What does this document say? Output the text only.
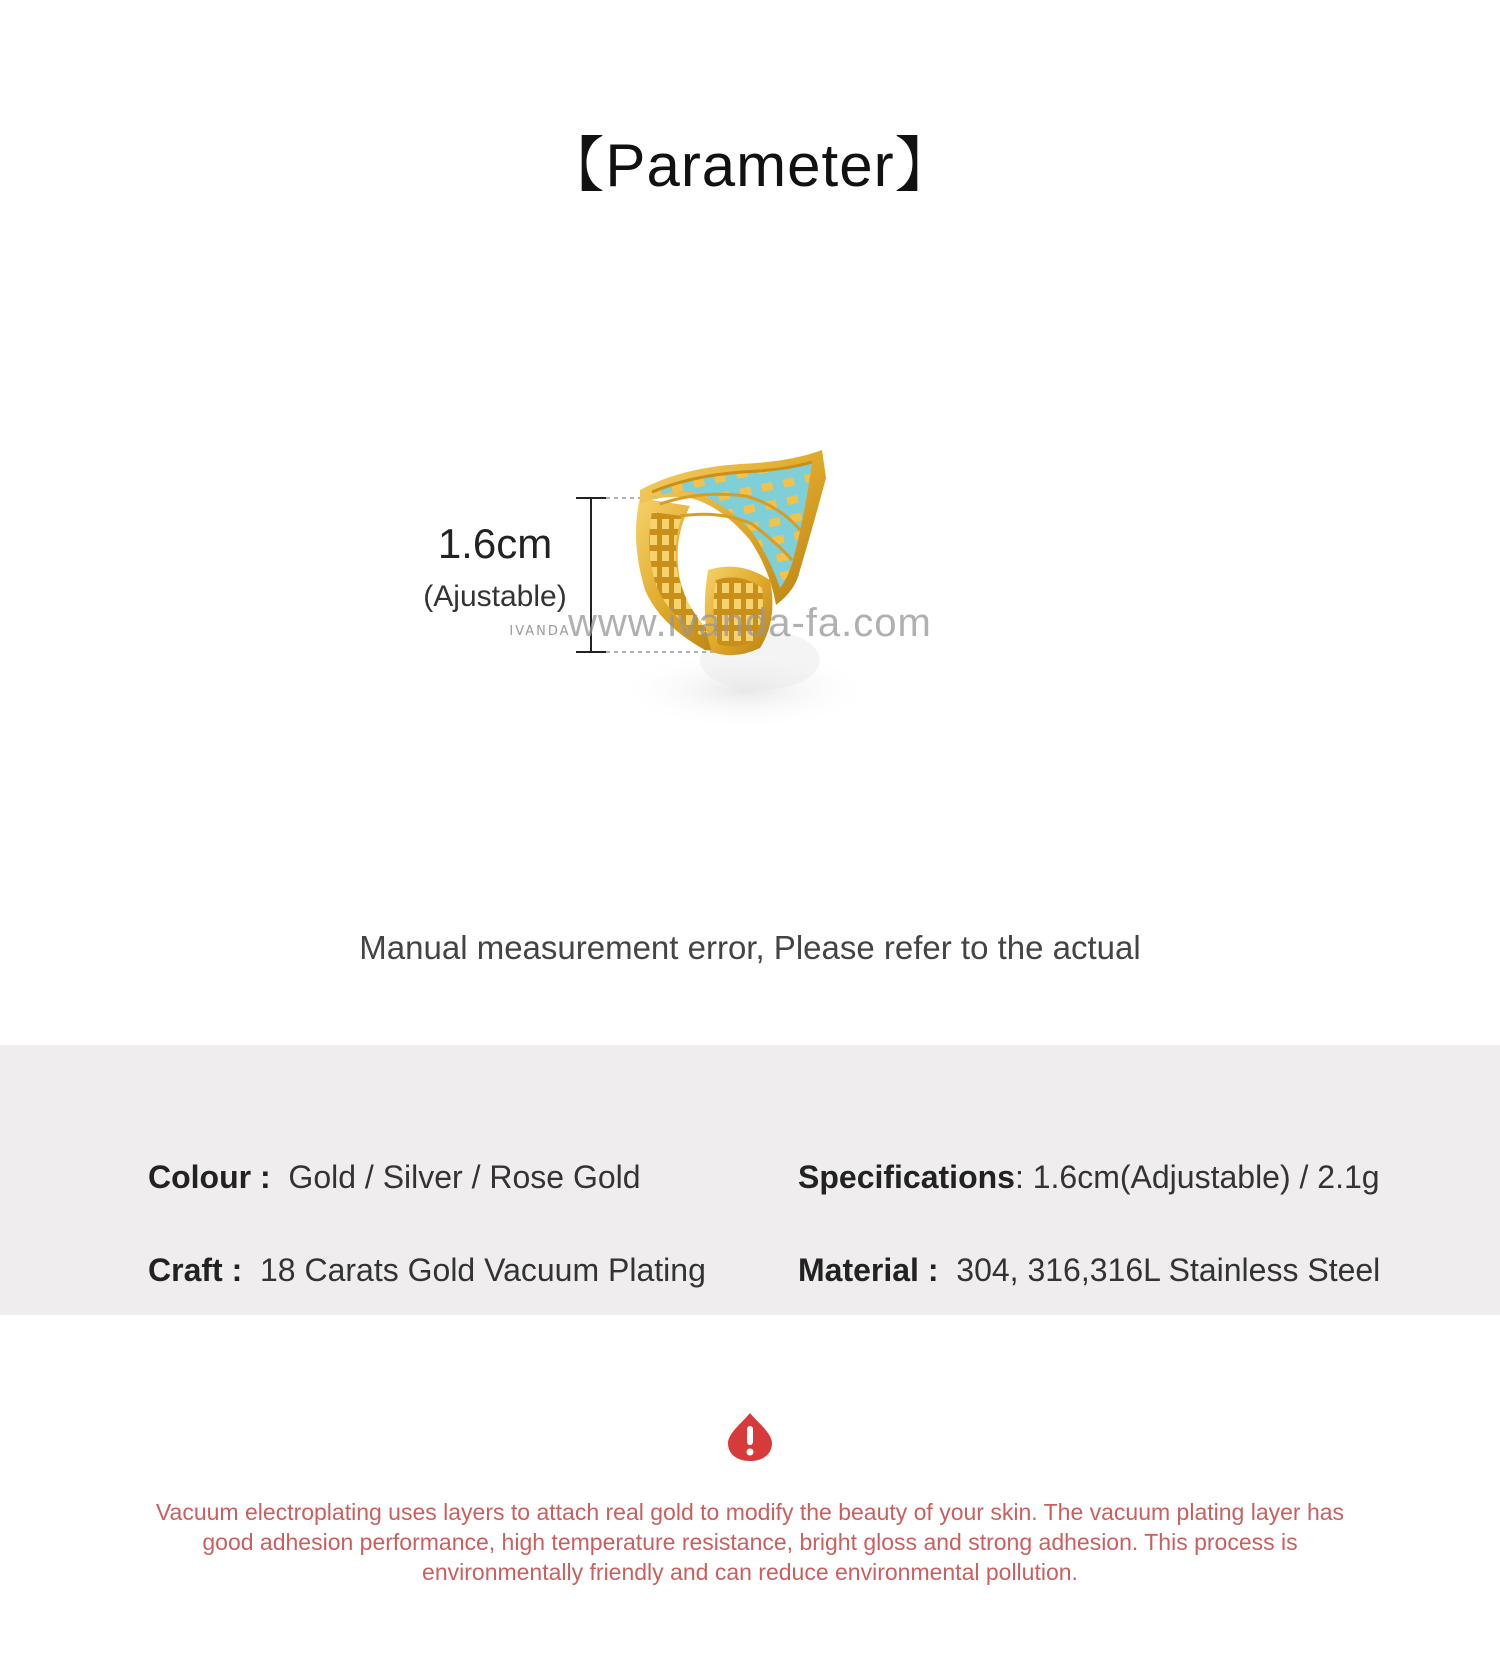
【Parameter】
1.6cm
(Ajustable)
IVANDA
www.ivanda-fa.com
Manual measurement error, Please refer to the actual
Colour :  Gold / Silver / Rose Gold	Specifications: 1.6cm(Adjustable) / 2.1g
Craft :  18 Carats Gold Vacuum Plating	Material :  304, 316,316L Stainless Steel
Vacuum electroplating uses layers to attach real gold to modify the beauty of your skin. The vacuum plating layer has good adhesion performance, high temperature resistance, bright gloss and strong adhesion. This process is environmentally friendly and can reduce environmental pollution.
